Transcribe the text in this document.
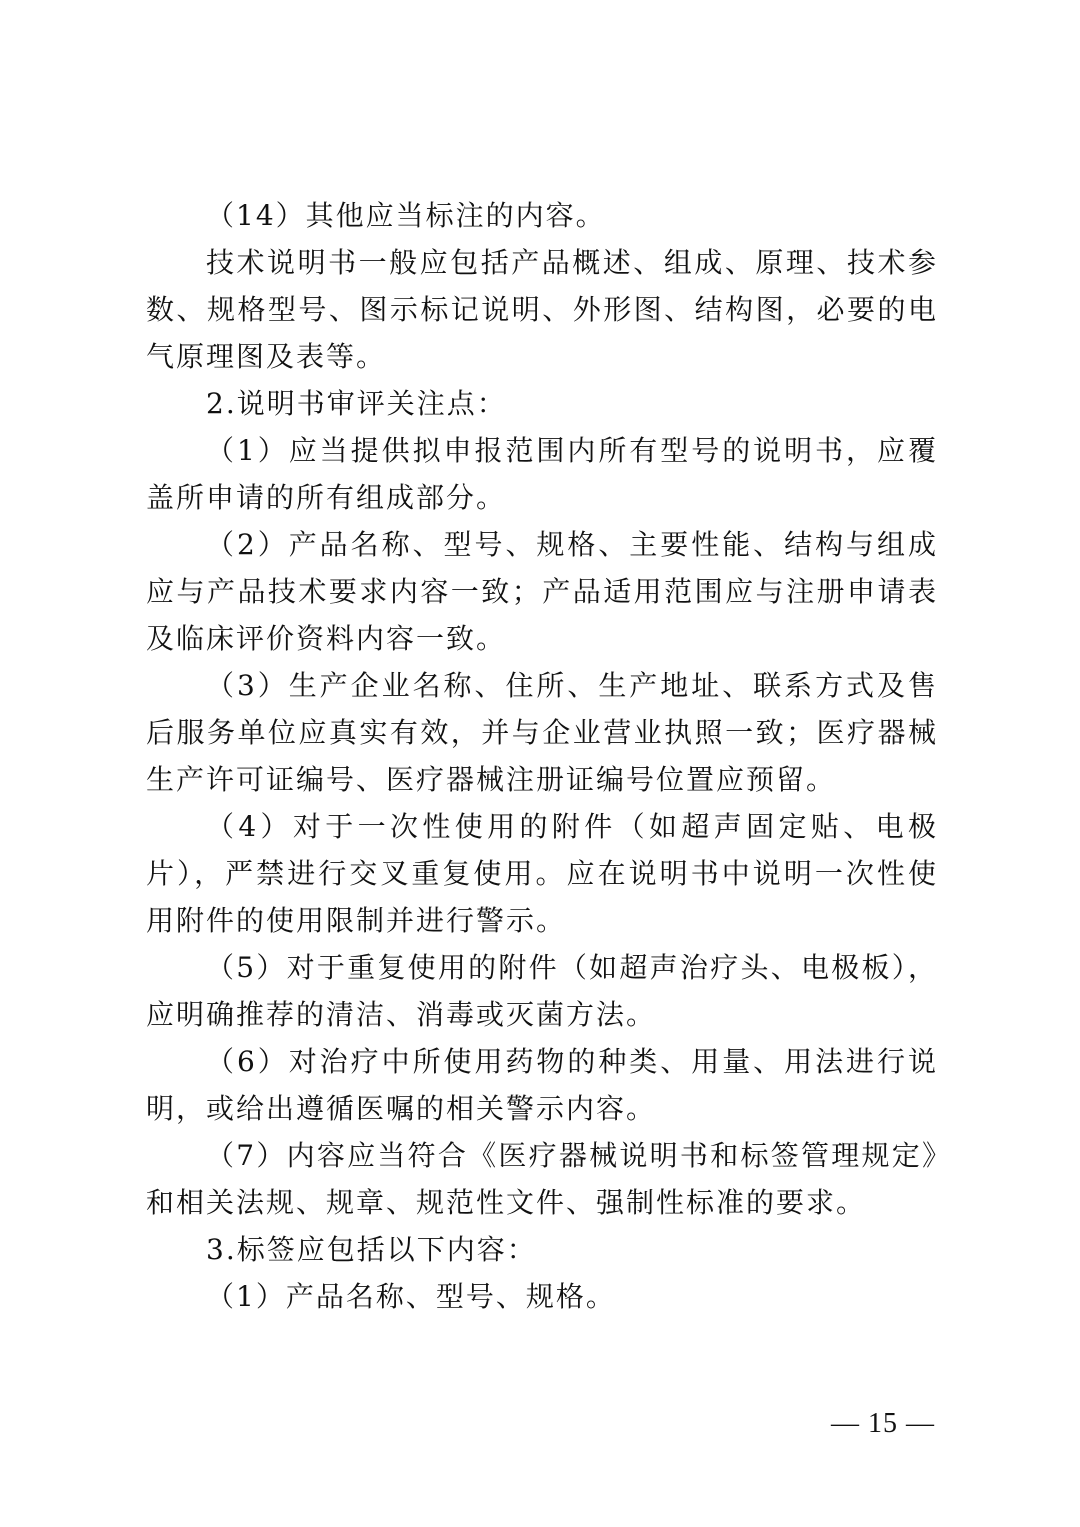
（14）其他应当标注的内容。

技术说明书一般应包括产品概述、组成、原理、技术参数、规格型号、图示标记说明、外形图、结构图，必要的电气原理图及表等。

2.说明书审评关注点：

（1）应当提供拟申报范围内所有型号的说明书，应覆盖所申请的所有组成部分。

（2）产品名称、型号、规格、主要性能、结构与组成应与产品技术要求内容一致；产品适用范围应与注册申请表及临床评价资料内容一致。

（3）生产企业名称、住所、生产地址、联系方式及售后服务单位应真实有效，并与企业营业执照一致；医疗器械生产许可证编号、医疗器械注册证编号位置应预留。

（4）对于一次性使用的附件（如超声固定贴、电极片），严禁进行交叉重复使用。应在说明书中说明一次性使用附件的使用限制并进行警示。

（5）对于重复使用的附件（如超声治疗头、电极板），应明确推荐的清洁、消毒或灭菌方法。

（6）对治疗中所使用药物的种类、用量、用法进行说明，或给出遵循医嘱的相关警示内容。

（7）内容应当符合《医疗器械说明书和标签管理规定》和相关法规、规章、规范性文件、强制性标准的要求。

3.标签应包括以下内容：

（1）产品名称、型号、规格。

— 15 —
